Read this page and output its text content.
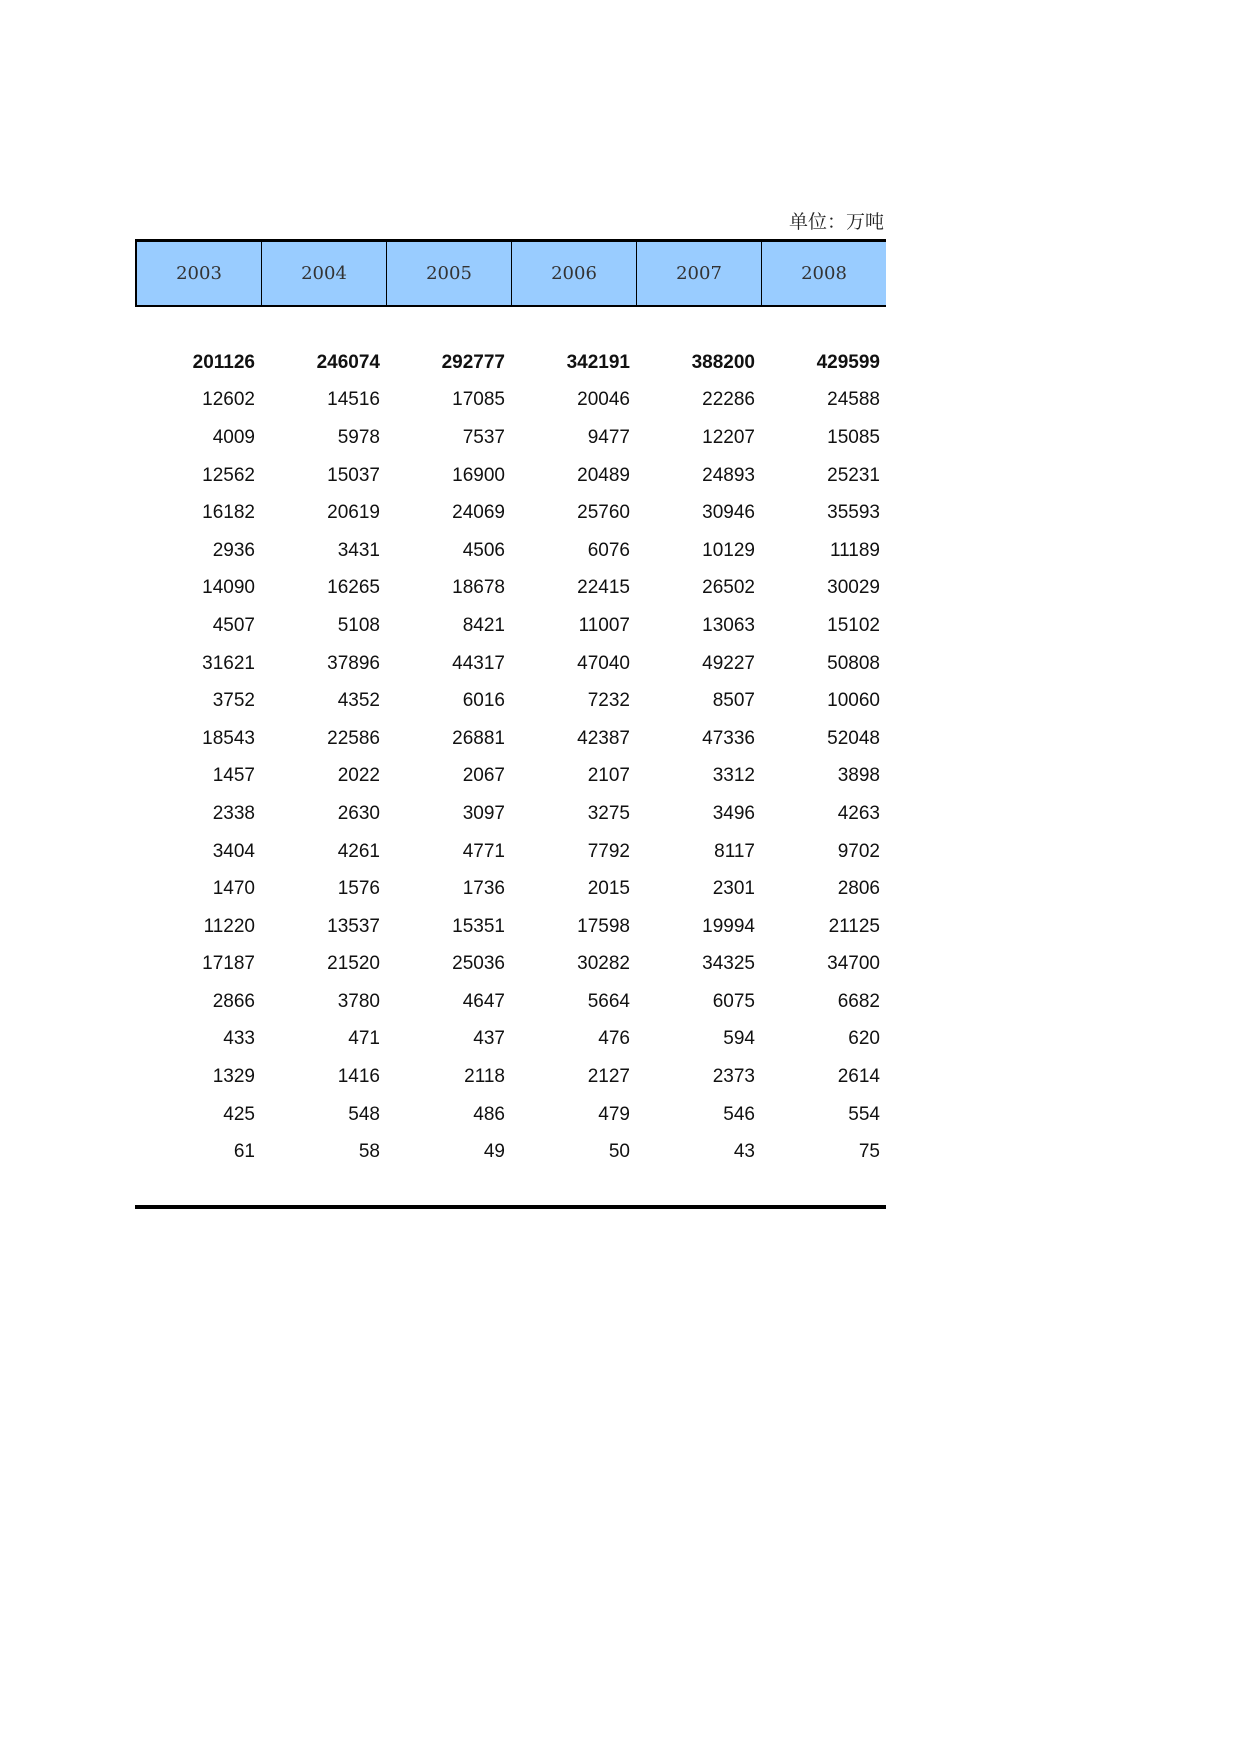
单位：万吨
2003	2004	2005	2006	2007	2008
201126	246074	292777	342191	388200	429599
12602	14516	17085	20046	22286	24588
4009	5978	7537	9477	12207	15085
12562	15037	16900	20489	24893	25231
16182	20619	24069	25760	30946	35593
2936	3431	4506	6076	10129	11189
14090	16265	18678	22415	26502	30029
4507	5108	8421	11007	13063	15102
31621	37896	44317	47040	49227	50808
3752	4352	6016	7232	8507	10060
18543	22586	26881	42387	47336	52048
1457	2022	2067	2107	3312	3898
2338	2630	3097	3275	3496	4263
3404	4261	4771	7792	8117	9702
1470	1576	1736	2015	2301	2806
11220	13537	15351	17598	19994	21125
17187	21520	25036	30282	34325	34700
2866	3780	4647	5664	6075	6682
433	471	437	476	594	620
1329	1416	2118	2127	2373	2614
425	548	486	479	546	554
61	58	49	50	43	75
